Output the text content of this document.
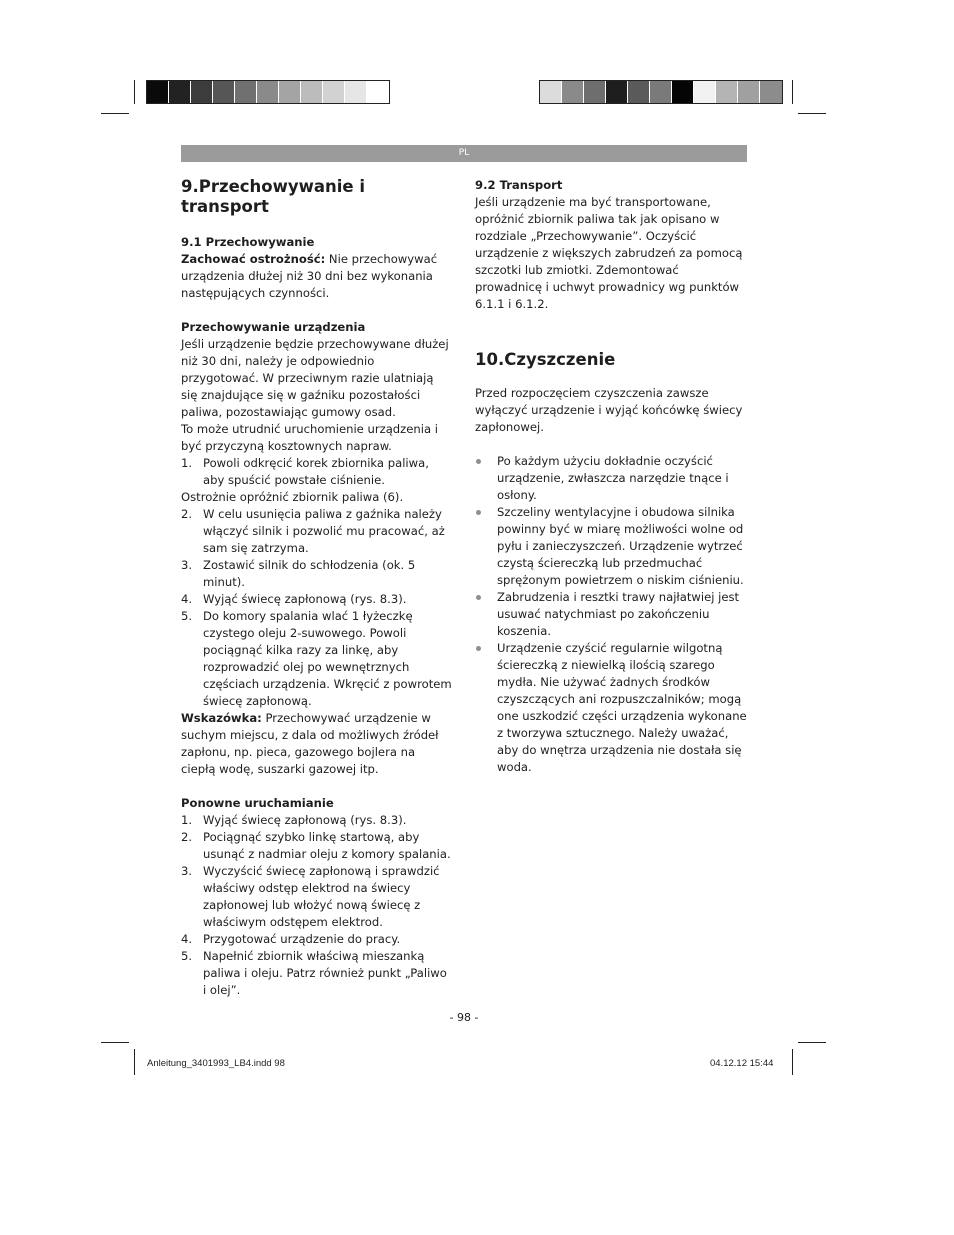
PL

9.Przechowywanie i transport

9.1 Przechowywanie

Zachować ostrożność: Nie przechowywać urządzenia dłużej niż 30 dni bez wykonania następujących czynności.

Przechowywanie urządzenia

Jeśli urządzenie będzie przechowywane dłużej niż 30 dni, należy je odpowiednio przygotować. W przeciwnym razie ulatniają się znajdujące się w gaźniku pozostałości paliwa, pozostawiając gumowy osad.

To może utrudnić uruchomienie urządzenia i być przyczyną kosztownych napraw.

1. Powoli odkręcić korek zbiornika paliwa, aby spuścić powstałe ciśnienie.

Ostrożnie opróżnić zbiornik paliwa (6).

2. W celu usunięcia paliwa z gaźnika należy włączyć silnik i pozwolić mu pracować, aż sam się zatrzyma.
3. Zostawić silnik do schłodzenia (ok. 5 minut).
4. Wyjąć świecę zapłonową (rys. 8.3).
5. Do komory spalania wlać 1 łyżeczkę czystego oleju 2-suwowego. Powoli pociągnąć kilka razy za linkę, aby rozprowadzić olej po wewnętrznych częściach urządzenia. Wkręcić z powrotem świecę zapłonową.

Wskazówka: Przechowywać urządzenie w suchym miejscu, z dala od możliwych źródeł zapłonu, np. pieca, gazowego bojlera na ciepłą wodę, suszarki gazowej itp.

Ponowne uruchamianie

1. Wyjąć świecę zapłonową (rys. 8.3).
2. Pociągnąć szybko linkę startową, aby usunąć z nadmiar oleju z komory spalania.
3. Wyczyścić świecę zapłonową i sprawdzić właściwy odstęp elektrod na świecy zapłonowej lub włożyć nową świecę z właściwym odstępem elektrod.
4. Przygotować urządzenie do pracy.
5. Napełnić zbiornik właściwą mieszanką paliwa i oleju. Patrz również punkt „Paliwo i olej”.

9.2 Transport

Jeśli urządzenie ma być transportowane, opróżnić zbiornik paliwa tak jak opisano w rozdziale „Przechowywanie”. Oczyścić urządzenie z większych zabrudzeń za pomocą szczotki lub zmiotki. Zdemontować prowadnicę i uchwyt prowadnicy wg punktów 6.1.1 i 6.1.2.

10.Czyszczenie

Przed rozpoczęciem czyszczenia zawsze wyłączyć urządzenie i wyjąć końcówkę świecy zapłonowej.

Po każdym użyciu dokładnie oczyścić urządzenie, zwłaszcza narzędzie tnące i osłony.
Szczeliny wentylacyjne i obudowa silnika powinny być w miarę możliwości wolne od pyłu i zanieczyszczeń. Urządzenie wytrzeć czystą ściereczką lub przedmuchać sprężonym powietrzem o niskim ciśnieniu.
Zabrudzenia i resztki trawy najłatwiej jest usuwać natychmiast po zakończeniu koszenia.
Urządzenie czyścić regularnie wilgotną ściereczką z niewielką ilością szarego mydła. Nie używać żadnych środków czyszczących ani rozpuszczalników; mogą one uszkodzić części urządzenia wykonane z tworzywa sztucznego. Należy uważać, aby do wnętrza urządzenia nie dostała się woda.
- 98 -
Anleitung_3401993_LB4.indd 98	04.12.12 15:44
